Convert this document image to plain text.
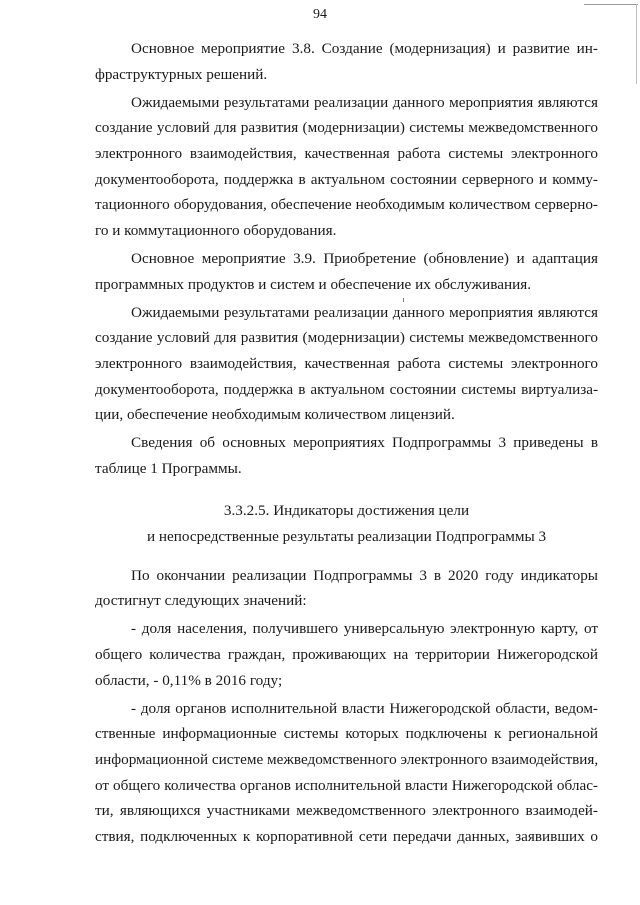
94
Основное мероприятие 3.8. Создание (модернизация) и развитие ин-
фраструктурных решений.
Ожидаемыми результатами реализации данного мероприятия являются
создание условий для развития (модернизации) системы межведомственного
электронного взаимодействия, качественная работа системы электронного
документооборота, поддержка в актуальном состоянии серверного и комму-
тационного оборудования, обеспечение необходимым количеством серверно-
го и коммутационного оборудования.
Основное мероприятие 3.9. Приобретение (обновление) и адаптация
программных продуктов и систем и обеспечение их обслуживания.
Ожидаемыми результатами реализации данного мероприятия являются
создание условий для развития (модернизации) системы межведомственного
электронного взаимодействия, качественная работа системы электронного
документооборота, поддержка в актуальном состоянии системы виртуализа-
ции, обеспечение необходимым количеством лицензий.
Сведения об основных мероприятиях Подпрограммы 3 приведены в
таблице 1 Программы.
3.3.2.5. Индикаторы достижения цели
и непосредственные результаты реализации Подпрограммы 3
По окончании реализации Подпрограммы 3 в 2020 году индикаторы
достигнут следующих значений:
- доля населения, получившего универсальную электронную карту, от
общего количества граждан, проживающих на территории Нижегородской
области, - 0,11% в 2016 году;
- доля органов исполнительной власти Нижегородской области, ведом-
ственные информационные системы которых подключены к региональной
информационной системе межведомственного электронного взаимодействия,
от общего количества органов исполнительной власти Нижегородской облас-
ти, являющихся участниками межведомственного электронного взаимодей-
ствия, подключенных к корпоративной сети передачи данных, заявивших о
